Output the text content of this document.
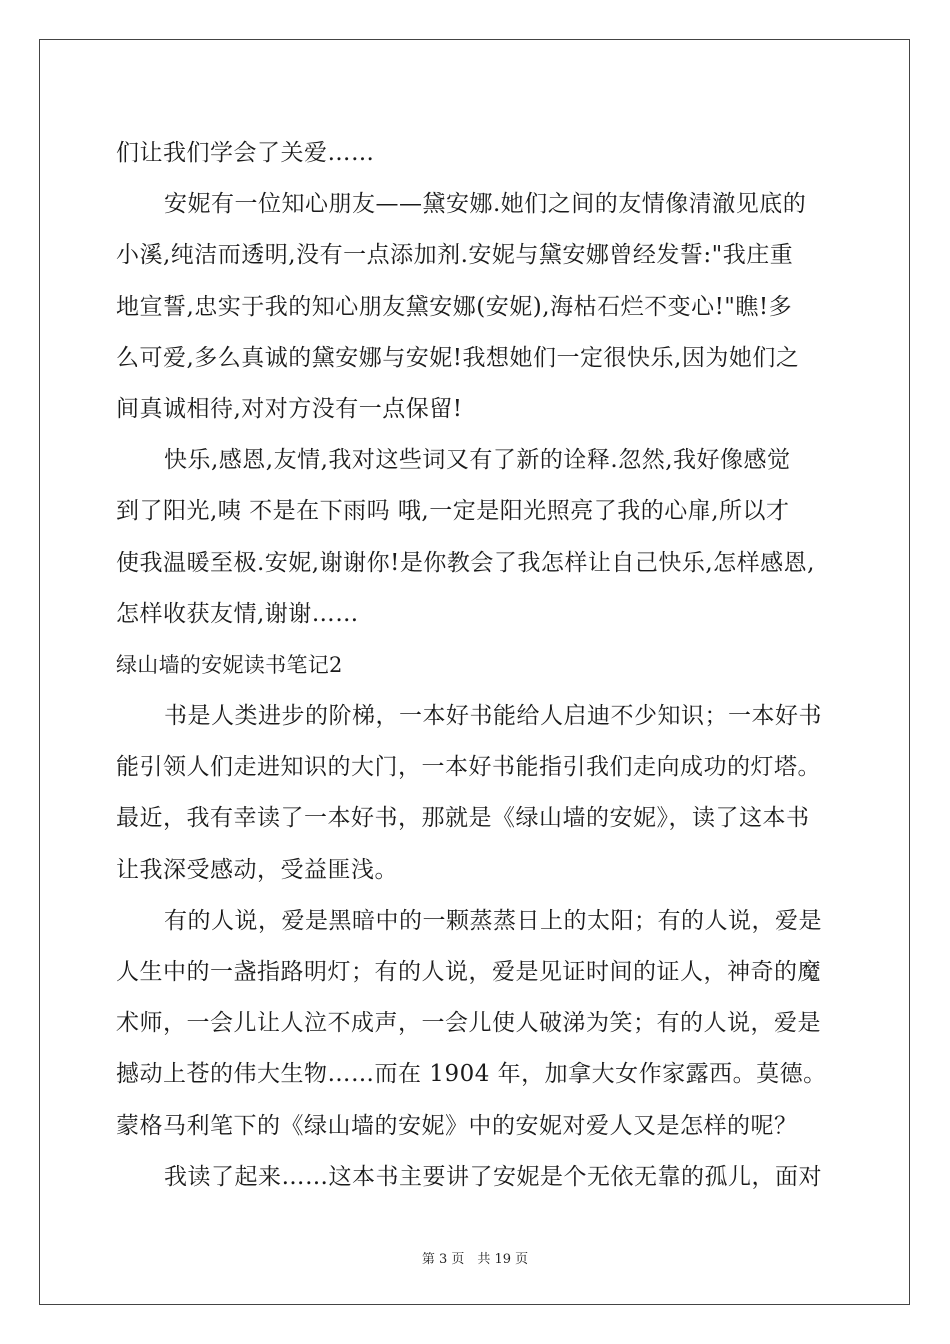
们让我们学会了关爱……
安妮有一位知心朋友——黛安娜.她们之间的友情像清澈见底的
小溪,纯洁而透明,没有一点添加剂.安妮与黛安娜曾经发誓:"我庄重
地宣誓,忠实于我的知心朋友黛安娜(安妮),海枯石烂不变心!"瞧!多
么可爱,多么真诚的黛安娜与安妮!我想她们一定很快乐,因为她们之
间真诚相待,对对方没有一点保留!
快乐,感恩,友情,我对这些词又有了新的诠释.忽然,我好像感觉
到了阳光,咦 不是在下雨吗 哦,一定是阳光照亮了我的心扉,所以才
使我温暖至极.安妮,谢谢你!是你教会了我怎样让自己快乐,怎样感恩,
怎样收获友情,谢谢……
绿山墙的安妮读书笔记2
书是人类进步的阶梯，一本好书能给人启迪不少知识；一本好书
能引领人们走进知识的大门，一本好书能指引我们走向成功的灯塔。
最近，我有幸读了一本好书，那就是《绿山墙的安妮》，读了这本书
让我深受感动，受益匪浅。
有的人说，爱是黑暗中的一颗蒸蒸日上的太阳；有的人说，爱是
人生中的一盏指路明灯；有的人说，爱是见证时间的证人，神奇的魔
术师，一会儿让人泣不成声，一会儿使人破涕为笑；有的人说，爱是
撼动上苍的伟大生物……而在 1904 年，加拿大女作家露西。莫德。
蒙格马利笔下的《绿山墙的安妮》中的安妮对爱人又是怎样的呢？
我读了起来……这本书主要讲了安妮是个无依无靠的孤儿，面对
第 3 页　共 19 页
